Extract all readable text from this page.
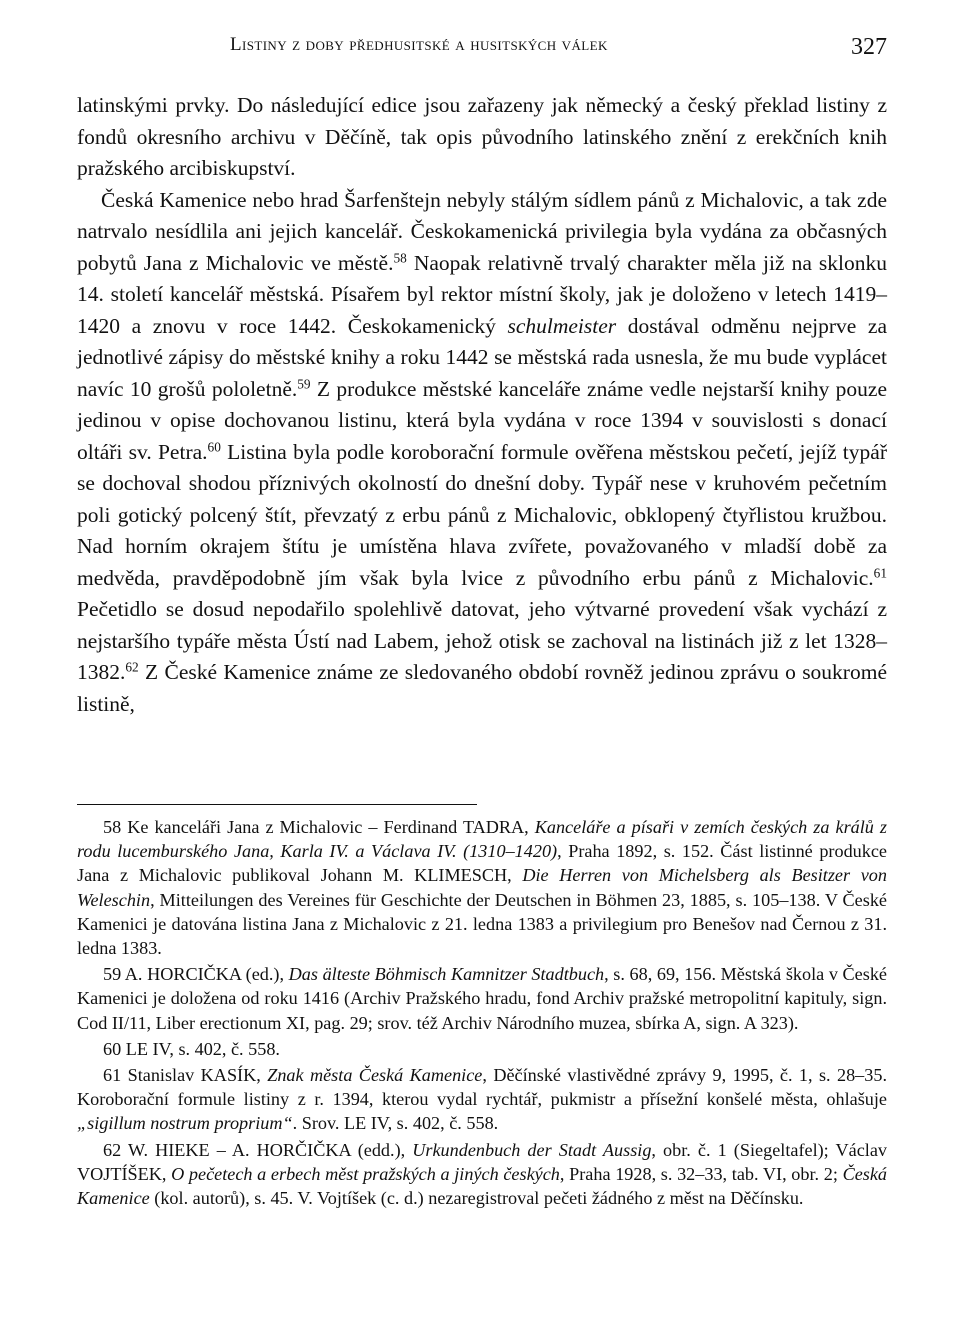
Listiny z doby předhusitské a husitských válek	327

latinskými prvky. Do následující edice jsou zařazeny jak německý a český překlad listiny z fondů okresního archivu v Děčíně, tak opis původního latinského znění z erekčních knih pražského arcibiskupství.

Česká Kamenice nebo hrad Šarfenštejn nebyly stálým sídlem pánů z Michalovic, a tak zde natrvalo nesídlila ani jejich kancelář. Českokamenická privilegia byla vydána za občasných pobytů Jana z Michalovic ve městě.$^{58}$ Naopak relativně trvalý charakter měla již na sklonku 14. století kancelář městská. Písařem byl rektor místní školy, jak je doloženo v letech 1419–1420 a znovu v roce 1442. Českokamenický schulmeister dostával odměnu nejprve za jednotlivé zápisy do městské knihy a roku 1442 se městská rada usnesla, že mu bude vyplácet navíc 10 grošů pololetně.$^{59}$ Z produkce městské kanceláře známe vedle nejstarší knihy pouze jedinou v opise dochovanou listinu, která byla vydána v roce 1394 v souvislosti s donací oltáři sv. Petra.$^{60}$ Listina byla podle koroborační formule ověřena městskou pečetí, jejíž typář se dochoval shodou příznivých okolností do dnešní doby. Typář nese v kruhovém pečetním poli gotický polcený štít, převzatý z erbu pánů z Michalovic, obklopený čtyřlistou kružbou. Nad horním okrajem štítu je umístěna hlava zvířete, považovaného v mladší době za medvěda, pravděpodobně jím však byla lvice z původního erbu pánů z Michalovic.$^{61}$ Pečetidlo se dosud nepodařilo spolehlivě datovat, jeho výtvarné provedení však vychází z nejstaršího typáře města Ústí nad Labem, jehož otisk se zachoval na listinách již z let 1328–1382.62 Z České Kamenice známe ze sledovaného období rovněž jedinou zprávu o soukromé listině,

58 Ke kanceláři Jana z Michalovic – Ferdinand TADRA, Kanceláře a písaři v zemích českých za králů z rodu lucemburského Jana, Karla IV. a Václava IV. (1310–1420), Praha 1892, s. 152. Část listinné produkce Jana z Michalovic publikoval Johann M. KLIMESCH, Die Herren von Michelsberg als Besitzer von Weleschin, Mitteilungen des Vereines für Geschichte der Deutschen in Böhmen 23, 1885, s. 105–138. V České Kamenici je datována listina Jana z Michalovic z 21. ledna 1383 a privilegium pro Benešov nad Černou z 31. ledna 1383.

59 A. HORCIČKA (ed.), Das älteste Böhmisch Kamnitzer Stadtbuch, s. 68, 69, 156. Městská škola v České Kamenici je doložena od roku 1416 (Archiv Pražského hradu, fond Archiv pražské metropolitní kapituly, sign. Cod II/11, Liber erectionum XI, pag. 29; srov. též Archiv Národního muzea, sbírka A, sign. A 323).

60 LE IV, s. 402, č. 558.

61 Stanislav KASÍK, Znak města Česká Kamenice, Děčínské vlastivědné zprávy 9, 1995, č. 1, s. 28–35. Koroborační formule listiny z r. 1394, kterou vydal rychtář, pukmistr a přísežní konšelé města, ohlašuje „sigillum nostrum proprium“. Srov. LE IV, s. 402, č. 558.

62 W. HIEKE – A. HORČIČKA (edd.), Urkundenbuch der Stadt Aussig, obr. č. 1 (Siegeltafel); Václav VOJTÍŠEK, O pečetech a erbech měst pražských a jiných českých, Praha 1928, s. 32–33, tab. VI, obr. 2; Česká Kamenice (kol. autorů), s. 45. V. Vojtíšek (c. d.) nezaregistroval pečeti žádného z měst na Děčínsku.
